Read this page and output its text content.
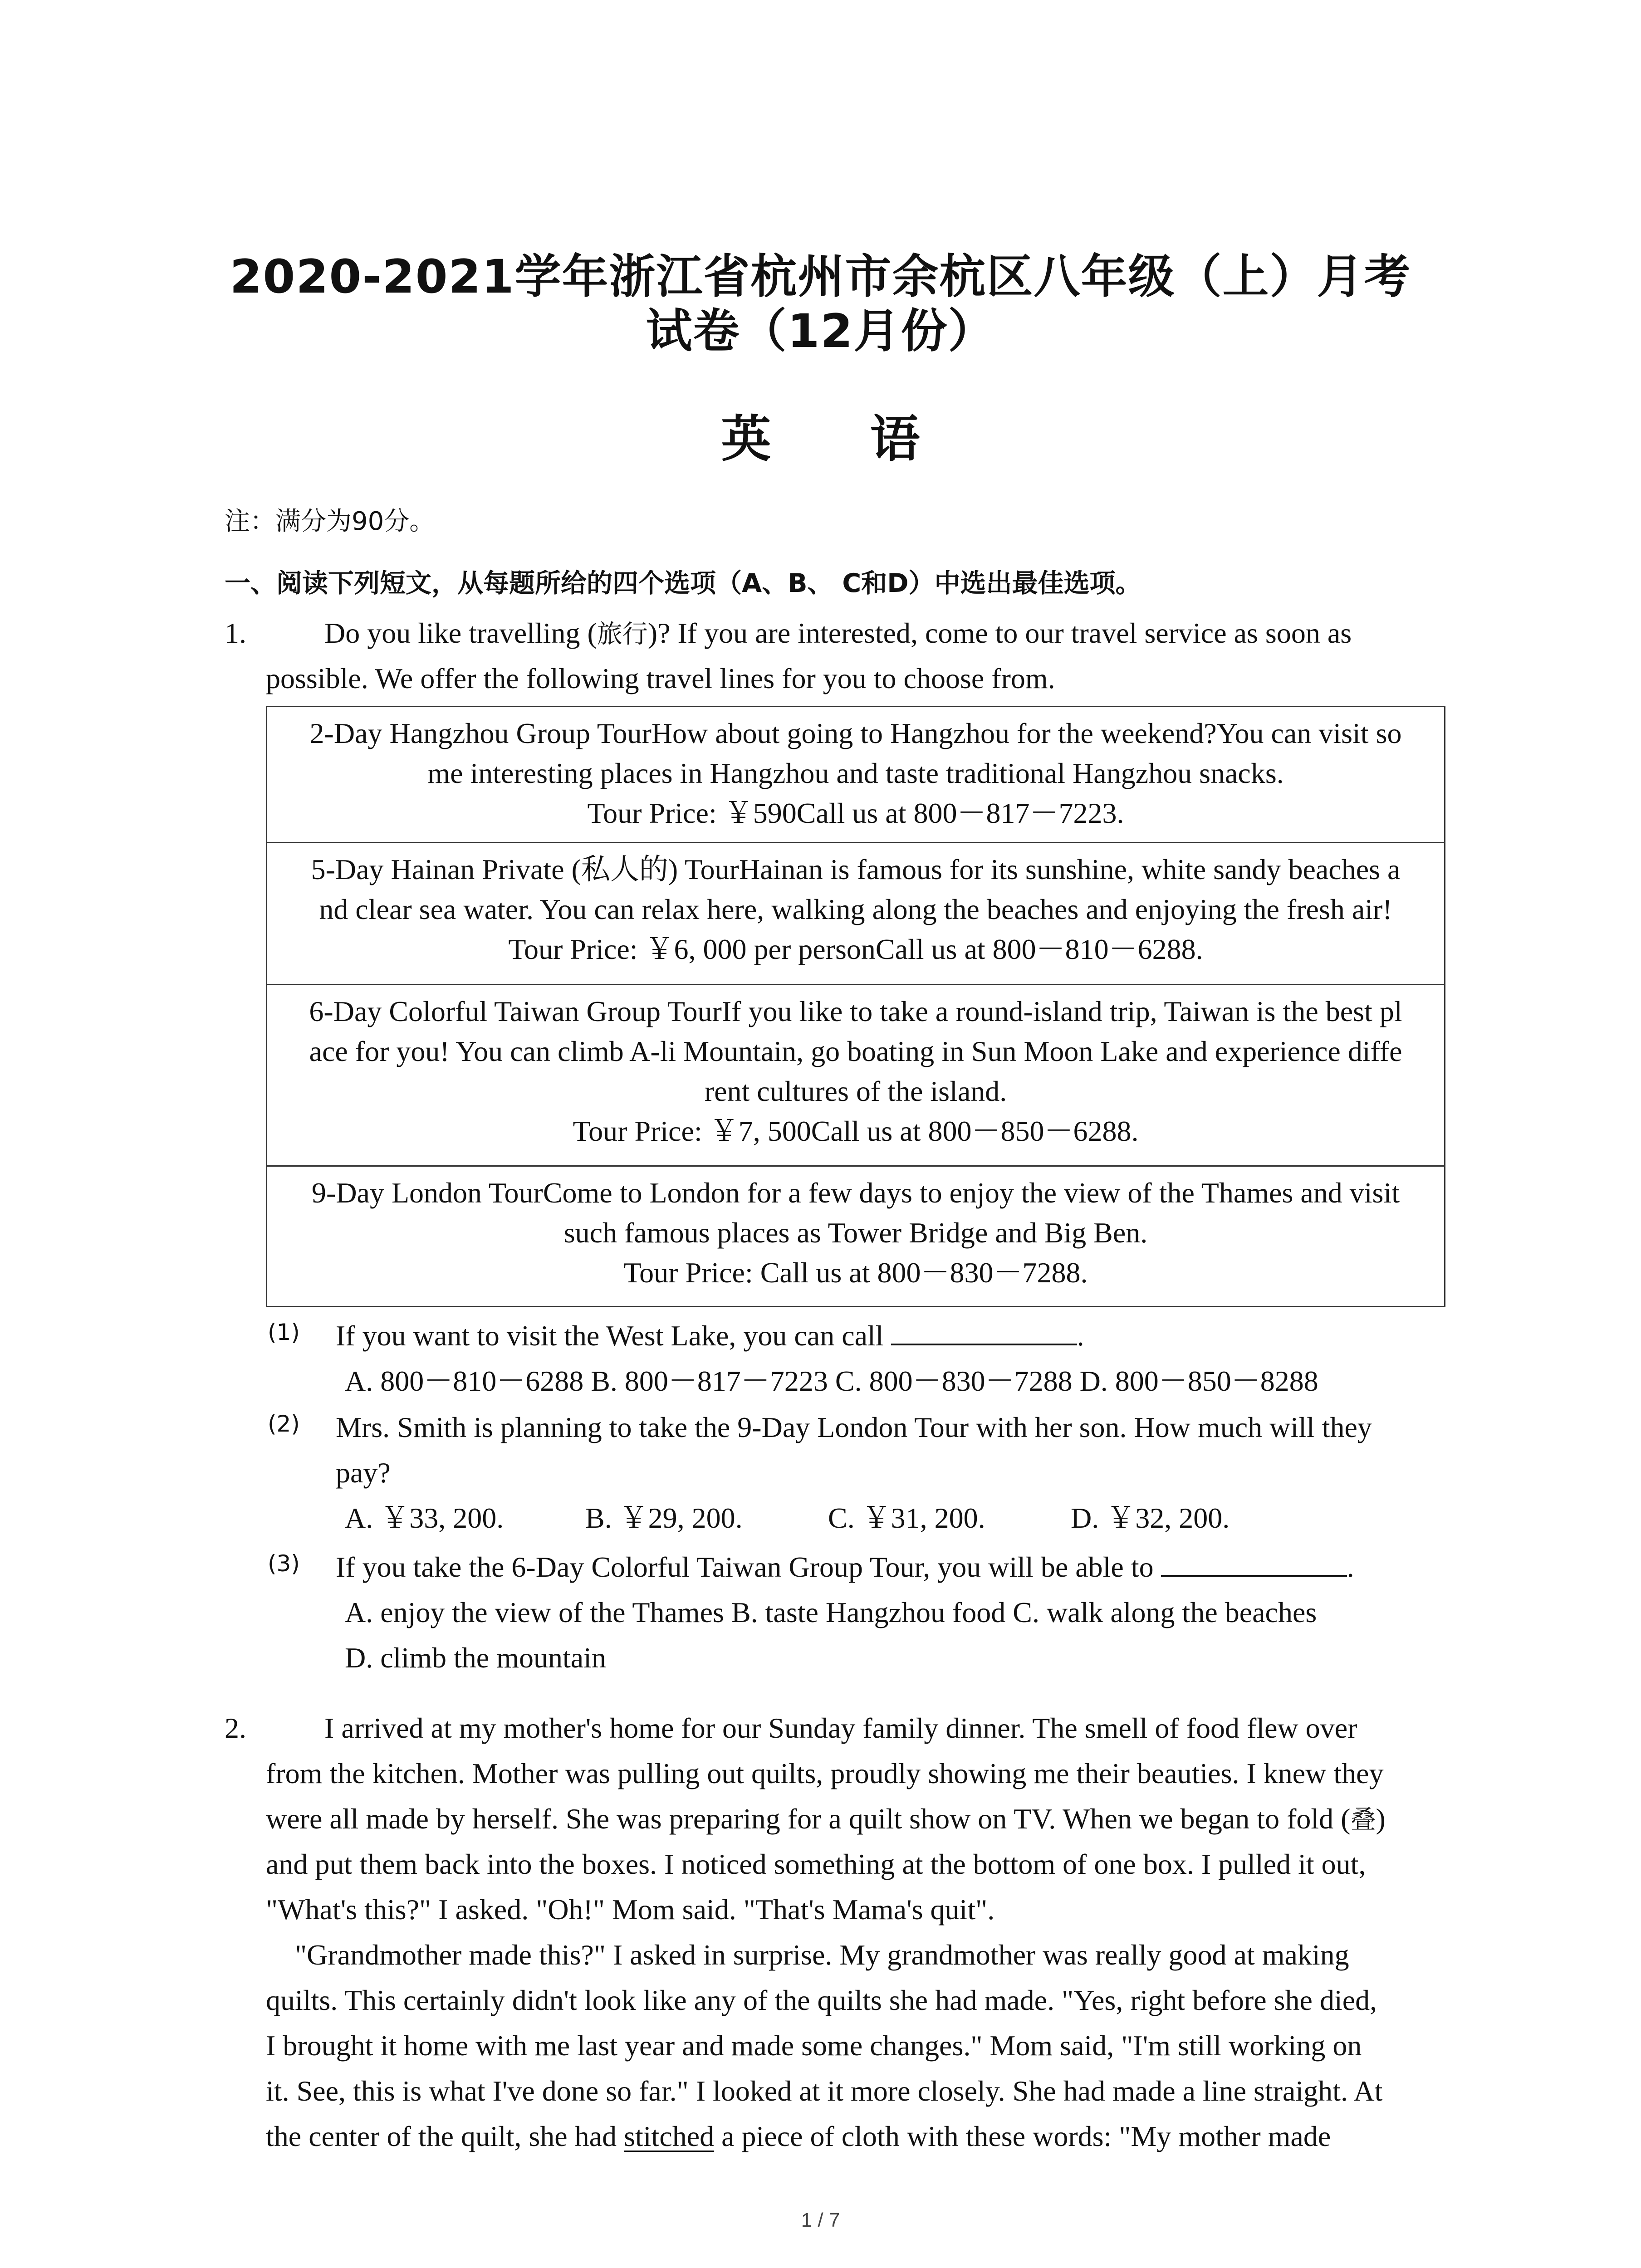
2020-2021学年浙江省杭州市余杭区八年级（上）月考
试卷（12月份）
英 语
注：满分为90分。
一、阅读下列短文，从每题所给的四个选项（A、B、 C和D）中选出最佳选项。
1.	Do you like travelling (旅行)? If you are interested, come to our travel service as soon as
possible. We offer the following travel lines for you to choose from.
2-Day Hangzhou Group TourHow about going to Hangzhou for the weekend?You can visit so
me interesting places in Hangzhou and taste traditional Hangzhou snacks.
Tour Price: ￥590Call us at 800－817－7223.
5-Day Hainan Private (私人的) TourHainan is famous for its sunshine, white sandy beaches a
nd clear sea water. You can relax here, walking along the beaches and enjoying the fresh air!
Tour Price: ￥6, 000 per personCall us at 800－810－6288.
6-Day Colorful Taiwan Group TourIf you like to take a round-island trip, Taiwan is the best pl
ace for you! You can climb A-li Mountain, go boating in Sun Moon Lake and experience diffe
rent cultures of the island.
Tour Price: ￥7, 500Call us at 800－850－6288.
9-Day London TourCome to London for a few days to enjoy the view of the Thames and visit
such famous places as Tower Bridge and Big Ben.
Tour Price: Call us at 800－830－7288.
(1) If you want to visit the West Lake, you can call	.
A. 800－810－6288 B. 800－817－7223 C. 800－830－7288 D. 800－850－8288
(2) Mrs. Smith is planning to take the 9-Day London Tour with her son. How much will they
pay?
A. ￥33, 200.	B. ￥29, 200.	C. ￥31, 200.	D. ￥32, 200.
(3) If you take the 6-Day Colorful Taiwan Group Tour, you will be able to	.
A. enjoy the view of the Thames B. taste Hangzhou food C. walk along the beaches
D. climb the mountain
2.	I arrived at my mother's home for our Sunday family dinner. The smell of food flew over
from the kitchen. Mother was pulling out quilts, proudly showing me their beauties. I knew they
were all made by herself. She was preparing for a quilt show on TV. When we began to fold (叠)
and put them back into the boxes. I noticed something at the bottom of one box. I pulled it out,
"What's this?" I asked. "Oh!" Mom said. "That's Mama's quit".
"Grandmother made this?" I asked in surprise. My grandmother was really good at making
quilts. This certainly didn't look like any of the quilts she had made. "Yes, right before she died,
I brought it home with me last year and made some changes." Mom said, "I'm still working on
it. See, this is what I've done so far." I looked at it more closely. She had made a line straight. At
the center of the quilt, she had stitched a piece of cloth with these words: "My mother made
1 / 7
